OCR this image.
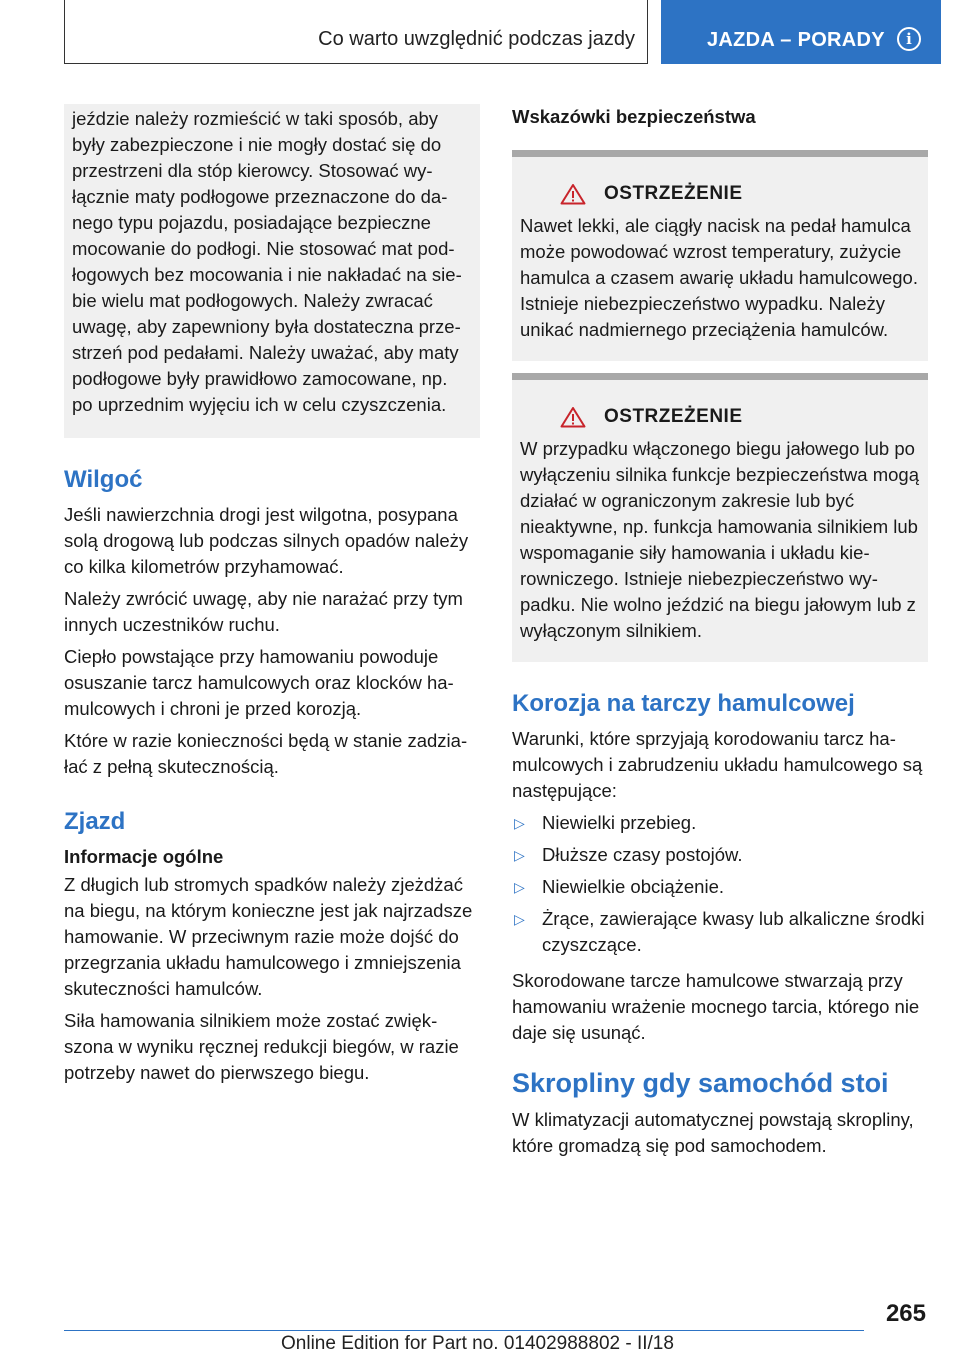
Co warto uwzględnić podczas jazdy	JAZDA – PORADY	i

jeździe należy rozmieścić w taki sposób, aby były zabezpieczone i nie mogły dostać się do przestrzeni dla stóp kierowcy. Stosować wyłącznie maty podłogowe przeznaczone do danego typu pojazdu, posiadające bezpieczne mocowanie do podłogi. Nie stosować mat podłogowych bez mocowania i nie nakładać na siebie wielu mat podłogowych. Należy zwracać uwagę, aby zapewniony była dostateczna przestrzeń pod pedałami. Należy uważać, aby maty podłogowe były prawidłowo zamocowane, np. po uprzednim wyjęciu ich w celu czyszczenia.

Wilgoć

Jeśli nawierzchnia drogi jest wilgotna, posypana solą drogową lub podczas silnych opadów należy co kilka kilometrów przyhamować.

Należy zwrócić uwagę, aby nie narażać przy tym innych uczestników ruchu.

Ciepło powstające przy hamowaniu powoduje osuszanie tarcz hamulcowych oraz klocków hamulcowych i chroni je przed korozją.

Które w razie konieczności będą w stanie zadziałać z pełną skutecznością.

Zjazd
Informacje ogólne

Z długich lub stromych spadków należy zjeżdżać na biegu, na którym konieczne jest jak najrzadsze hamowanie. W przeciwnym razie może dojść do przegrzania układu hamulcowego i zmniejszenia skuteczności hamulców.

Siła hamowania silnikiem może zostać zwiększona w wyniku ręcznej redukcji biegów, w razie potrzeby nawet do pierwszego biegu.

Wskazówki bezpieczeństwa
OSTRZEŻENIE

Nawet lekki, ale ciągły nacisk na pedał hamulca może powodować wzrost temperatury, zużycie hamulca a czasem awarię układu hamulcowego. Istnieje niebezpieczeństwo wypadku. Należy unikać nadmiernego przeciążenia hamulców.

OSTRZEŻENIE

W przypadku włączonego biegu jałowego lub po wyłączeniu silnika funkcje bezpieczeństwa mogą działać w ograniczonym zakresie lub być nieaktywne, np. funkcja hamowania silnikiem lub wspomaganie siły hamowania i układu kierowniczego. Istnieje niebezpieczeństwo wypadku. Nie wolno jeździć na biegu jałowym lub z wyłączonym silnikiem.

Korozja na tarczy hamulcowej

Warunki, które sprzyjają korodowaniu tarcz hamulcowych i zabrudzeniu układu hamulcowego są następujące:

▷ Niewielki przebieg.
▷ Dłuższe czasy postojów.
▷ Niewielkie obciążenie.
▷ Żrące, zawierające kwasy lub alkaliczne środki czyszczące.

Skorodowane tarcze hamulcowe stwarzają przy hamowaniu wrażenie mocnego tarcia, którego nie daje się usunąć.

Skropliny gdy samochód stoi

W klimatyzacji automatycznej powstają skropliny, które gromadzą się pod samochodem.

265
Online Edition for Part no. 01402988802 - II/18
